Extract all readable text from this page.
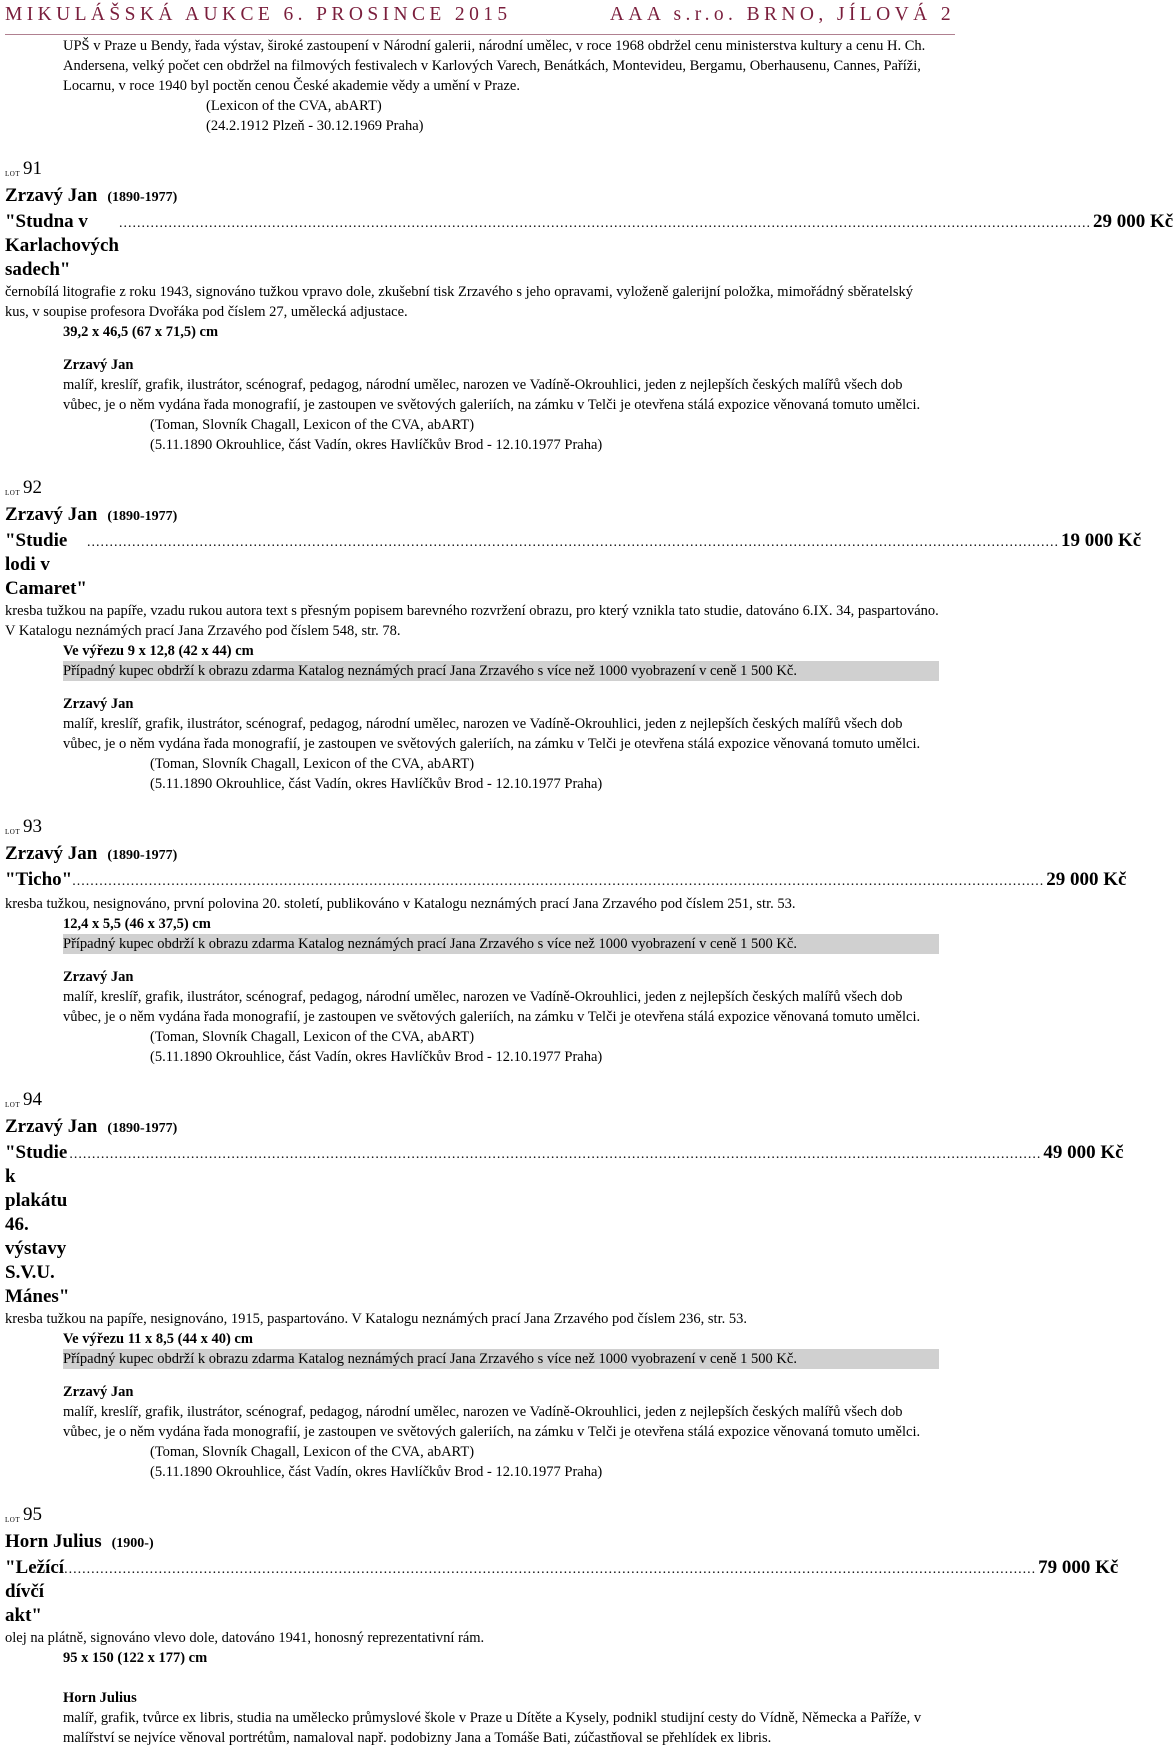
MIKULÁŠSKÁ AUKCE 6. PROSINCE 2015	AAA s.r.o. BRNO, JÍLOVÁ 2

UPŠ v Praze u Bendy, řada výstav, široké zastoupení v Národní galerii, národní umělec, v roce 1968 obdržel cenu ministerstva kultury a cenu H. Ch. Andersena, velký počet cen obdržel na filmových festivalech v Karlových Varech, Benátkách, Montevideu, Bergamu, Oberhausenu, Cannes, Paříži, Locarnu, v roce 1940 byl poctěn cenou České akademie vědy a umění v Praze.

(Lexicon of the CVA, abART)

(24.2.1912 Plzeň - 30.12.1969 Praha)

LOT 91
Zrzavý Jan (1890-1977)
"Studna v Karlachových sadech"
........................................................................................................................................................................................................................ 29 000 Kč

černobílá litografie z roku 1943, signováno tužkou vpravo dole, zkušební tisk Zrzavého s jeho opravami, vyloženě galerijní položka, mimořádný sběratelský kus, v soupise profesora Dvořáka pod číslem 27, umělecká adjustace.

39,2 x 46,5 (67 x 71,5) cm
Zrzavý Jan

malíř, kreslíř, grafik, ilustrátor, scénograf, pedagog, národní umělec, narozen ve Vadíně-Okrouhlici, jeden z nejlepších českých malířů všech dob vůbec, je o něm vydána řada monografií, je zastoupen ve světových galeriích, na zámku v Telči je otevřena stálá expozice věnovaná tomuto umělci.

(Toman, Slovník Chagall, Lexicon of the CVA, abART)

(5.11.1890 Okrouhlice, část Vadín, okres Havlíčkův Brod - 12.10.1977 Praha)

LOT 92
Zrzavý Jan (1890-1977)
"Studie lodi v Camaret"
........................................................................................................................................................................................................................ 19 000 Kč

kresba tužkou na papíře, vzadu rukou autora text s přesným popisem barevného rozvržení obrazu, pro který vznikla tato studie, datováno 6.IX. 34, paspartováno. V Katalogu neznámých prací Jana Zrzavého pod číslem 548, str. 78.

Ve výřezu 9 x 12,8 (42 x 44) cm
Případný kupec obdrží k obrazu zdarma Katalog neznámých prací Jana Zrzavého s více než 1000 vyobrazení v ceně 1 500 Kč.
Zrzavý Jan

malíř, kreslíř, grafik, ilustrátor, scénograf, pedagog, národní umělec, narozen ve Vadíně-Okrouhlici, jeden z nejlepších českých malířů všech dob vůbec, je o něm vydána řada monografií, je zastoupen ve světových galeriích, na zámku v Telči je otevřena stálá expozice věnovaná tomuto umělci.

(Toman, Slovník Chagall, Lexicon of the CVA, abART)

(5.11.1890 Okrouhlice, část Vadín, okres Havlíčkův Brod - 12.10.1977 Praha)

LOT 93
Zrzavý Jan (1890-1977)
"Ticho" ........................................................................................................................................................................................................................ 29 000 Kč

kresba tužkou, nesignováno, první polovina 20. století, publikováno v Katalogu neznámých prací Jana Zrzavého pod číslem 251, str. 53.

12,4 x 5,5 (46 x 37,5) cm
Případný kupec obdrží k obrazu zdarma Katalog neznámých prací Jana Zrzavého s více než 1000 vyobrazení v ceně 1 500 Kč.
Zrzavý Jan

malíř, kreslíř, grafik, ilustrátor, scénograf, pedagog, národní umělec, narozen ve Vadíně-Okrouhlici, jeden z nejlepších českých malířů všech dob vůbec, je o něm vydána řada monografií, je zastoupen ve světových galeriích, na zámku v Telči je otevřena stálá expozice věnovaná tomuto umělci.

(Toman, Slovník Chagall, Lexicon of the CVA, abART)

(5.11.1890 Okrouhlice, část Vadín, okres Havlíčkův Brod - 12.10.1977 Praha)

LOT 94
Zrzavý Jan (1890-1977)
"Studie k plakátu 46. výstavy S.V.U. Mánes"
........................................................................................................................................................................................................................ 49 000 Kč

kresba tužkou na papíře, nesignováno, 1915, paspartováno. V Katalogu neznámých prací Jana Zrzavého pod číslem 236, str. 53.

Ve výřezu 11 x 8,5 (44 x 40) cm
Případný kupec obdrží k obrazu zdarma Katalog neznámých prací Jana Zrzavého s více než 1000 vyobrazení v ceně 1 500 Kč.
Zrzavý Jan

malíř, kreslíř, grafik, ilustrátor, scénograf, pedagog, národní umělec, narozen ve Vadíně-Okrouhlici, jeden z nejlepších českých malířů všech dob vůbec, je o něm vydána řada monografií, je zastoupen ve světových galeriích, na zámku v Telči je otevřena stálá expozice věnovaná tomuto umělci.

(Toman, Slovník Chagall, Lexicon of the CVA, abART)

(5.11.1890 Okrouhlice, část Vadín, okres Havlíčkův Brod - 12.10.1977 Praha)

LOT 95
Horn Julius (1900-)
"Ležící dívčí akt"
........................................................................................................................................................................................................................ 79 000 Kč

olej na plátně, signováno vlevo dole, datováno 1941, honosný reprezentativní rám.

95 x 150 (122 x 177) cm
Horn Julius

malíř, grafik, tvůrce ex libris, studia na umělecko průmyslové škole v Praze u Dítěte a Kysely, podnikl studijní cesty do Vídně, Německa a Paříže, v malířství se nejvíce věnoval portrétům, namaloval např. podobizny Jana a Tomáše Bati, zúčastňoval se přehlídek ex libris.
